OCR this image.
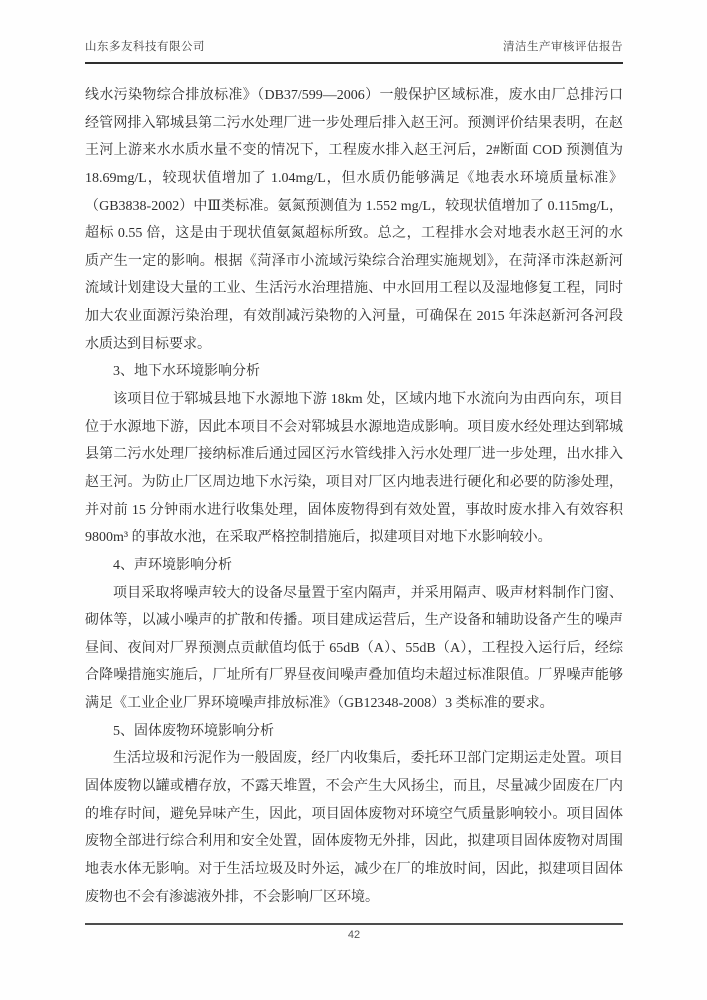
山东多友科技有限公司	清洁生产审核评估报告
线水污染物综合排放标准》（DB37/599—2006）一般保护区域标准，废水由厂总排污口
经管网排入郓城县第二污水处理厂进一步处理后排入赵王河。预测评价结果表明，在赵
王河上游来水水质水量不变的情况下，工程废水排入赵王河后，2#断面 COD 预测值为
18.69mg/L，较现状值增加了 1.04mg/L，但水质仍能够满足《地表水环境质量标准》
（GB3838-2002）中Ⅲ类标准。氨氮预测值为 1.552 mg/L，较现状值增加了 0.115mg/L，
超标 0.55 倍，这是由于现状值氨氮超标所致。总之，工程排水会对地表水赵王河的水
质产生一定的影响。根据《菏泽市小流域污染综合治理实施规划》，在菏泽市洙赵新河
流域计划建设大量的工业、生活污水治理措施、中水回用工程以及湿地修复工程，同时
加大农业面源污染治理，有效削减污染物的入河量，可确保在 2015 年洙赵新河各河段
水质达到目标要求。
3、地下水环境影响分析
该项目位于郓城县地下水源地下游 18km 处，区域内地下水流向为由西向东，项目
位于水源地下游，因此本项目不会对郓城县水源地造成影响。项目废水经处理达到郓城
县第二污水处理厂接纳标准后通过园区污水管线排入污水处理厂进一步处理，出水排入
赵王河。为防止厂区周边地下水污染，项目对厂区内地表进行硬化和必要的防渗处理，
并对前 15 分钟雨水进行收集处理，固体废物得到有效处置，事故时废水排入有效容积
9800m³ 的事故水池，在采取严格控制措施后，拟建项目对地下水影响较小。
4、声环境影响分析
项目采取将噪声较大的设备尽量置于室内隔声，并采用隔声、吸声材料制作门窗、
砌体等，以减小噪声的扩散和传播。项目建成运营后，生产设备和辅助设备产生的噪声
昼间、夜间对厂界预测点贡献值均低于 65dB（A）、55dB（A），工程投入运行后，经综
合降噪措施实施后，厂址所有厂界昼夜间噪声叠加值均未超过标准限值。厂界噪声能够
满足《工业企业厂界环境噪声排放标准》（GB12348-2008）3 类标准的要求。
5、固体废物环境影响分析
生活垃圾和污泥作为一般固废，经厂内收集后，委托环卫部门定期运走处置。项目
固体废物以罐或槽存放，不露天堆置，不会产生大风扬尘，而且，尽量减少固废在厂内
的堆存时间，避免异味产生，因此，项目固体废物对环境空气质量影响较小。项目固体
废物全部进行综合利用和安全处置，固体废物无外排，因此，拟建项目固体废物对周围
地表水体无影响。对于生活垃圾及时外运，减少在厂的堆放时间，因此，拟建项目固体
废物也不会有渗滤液外排，不会影响厂区环境。
42
